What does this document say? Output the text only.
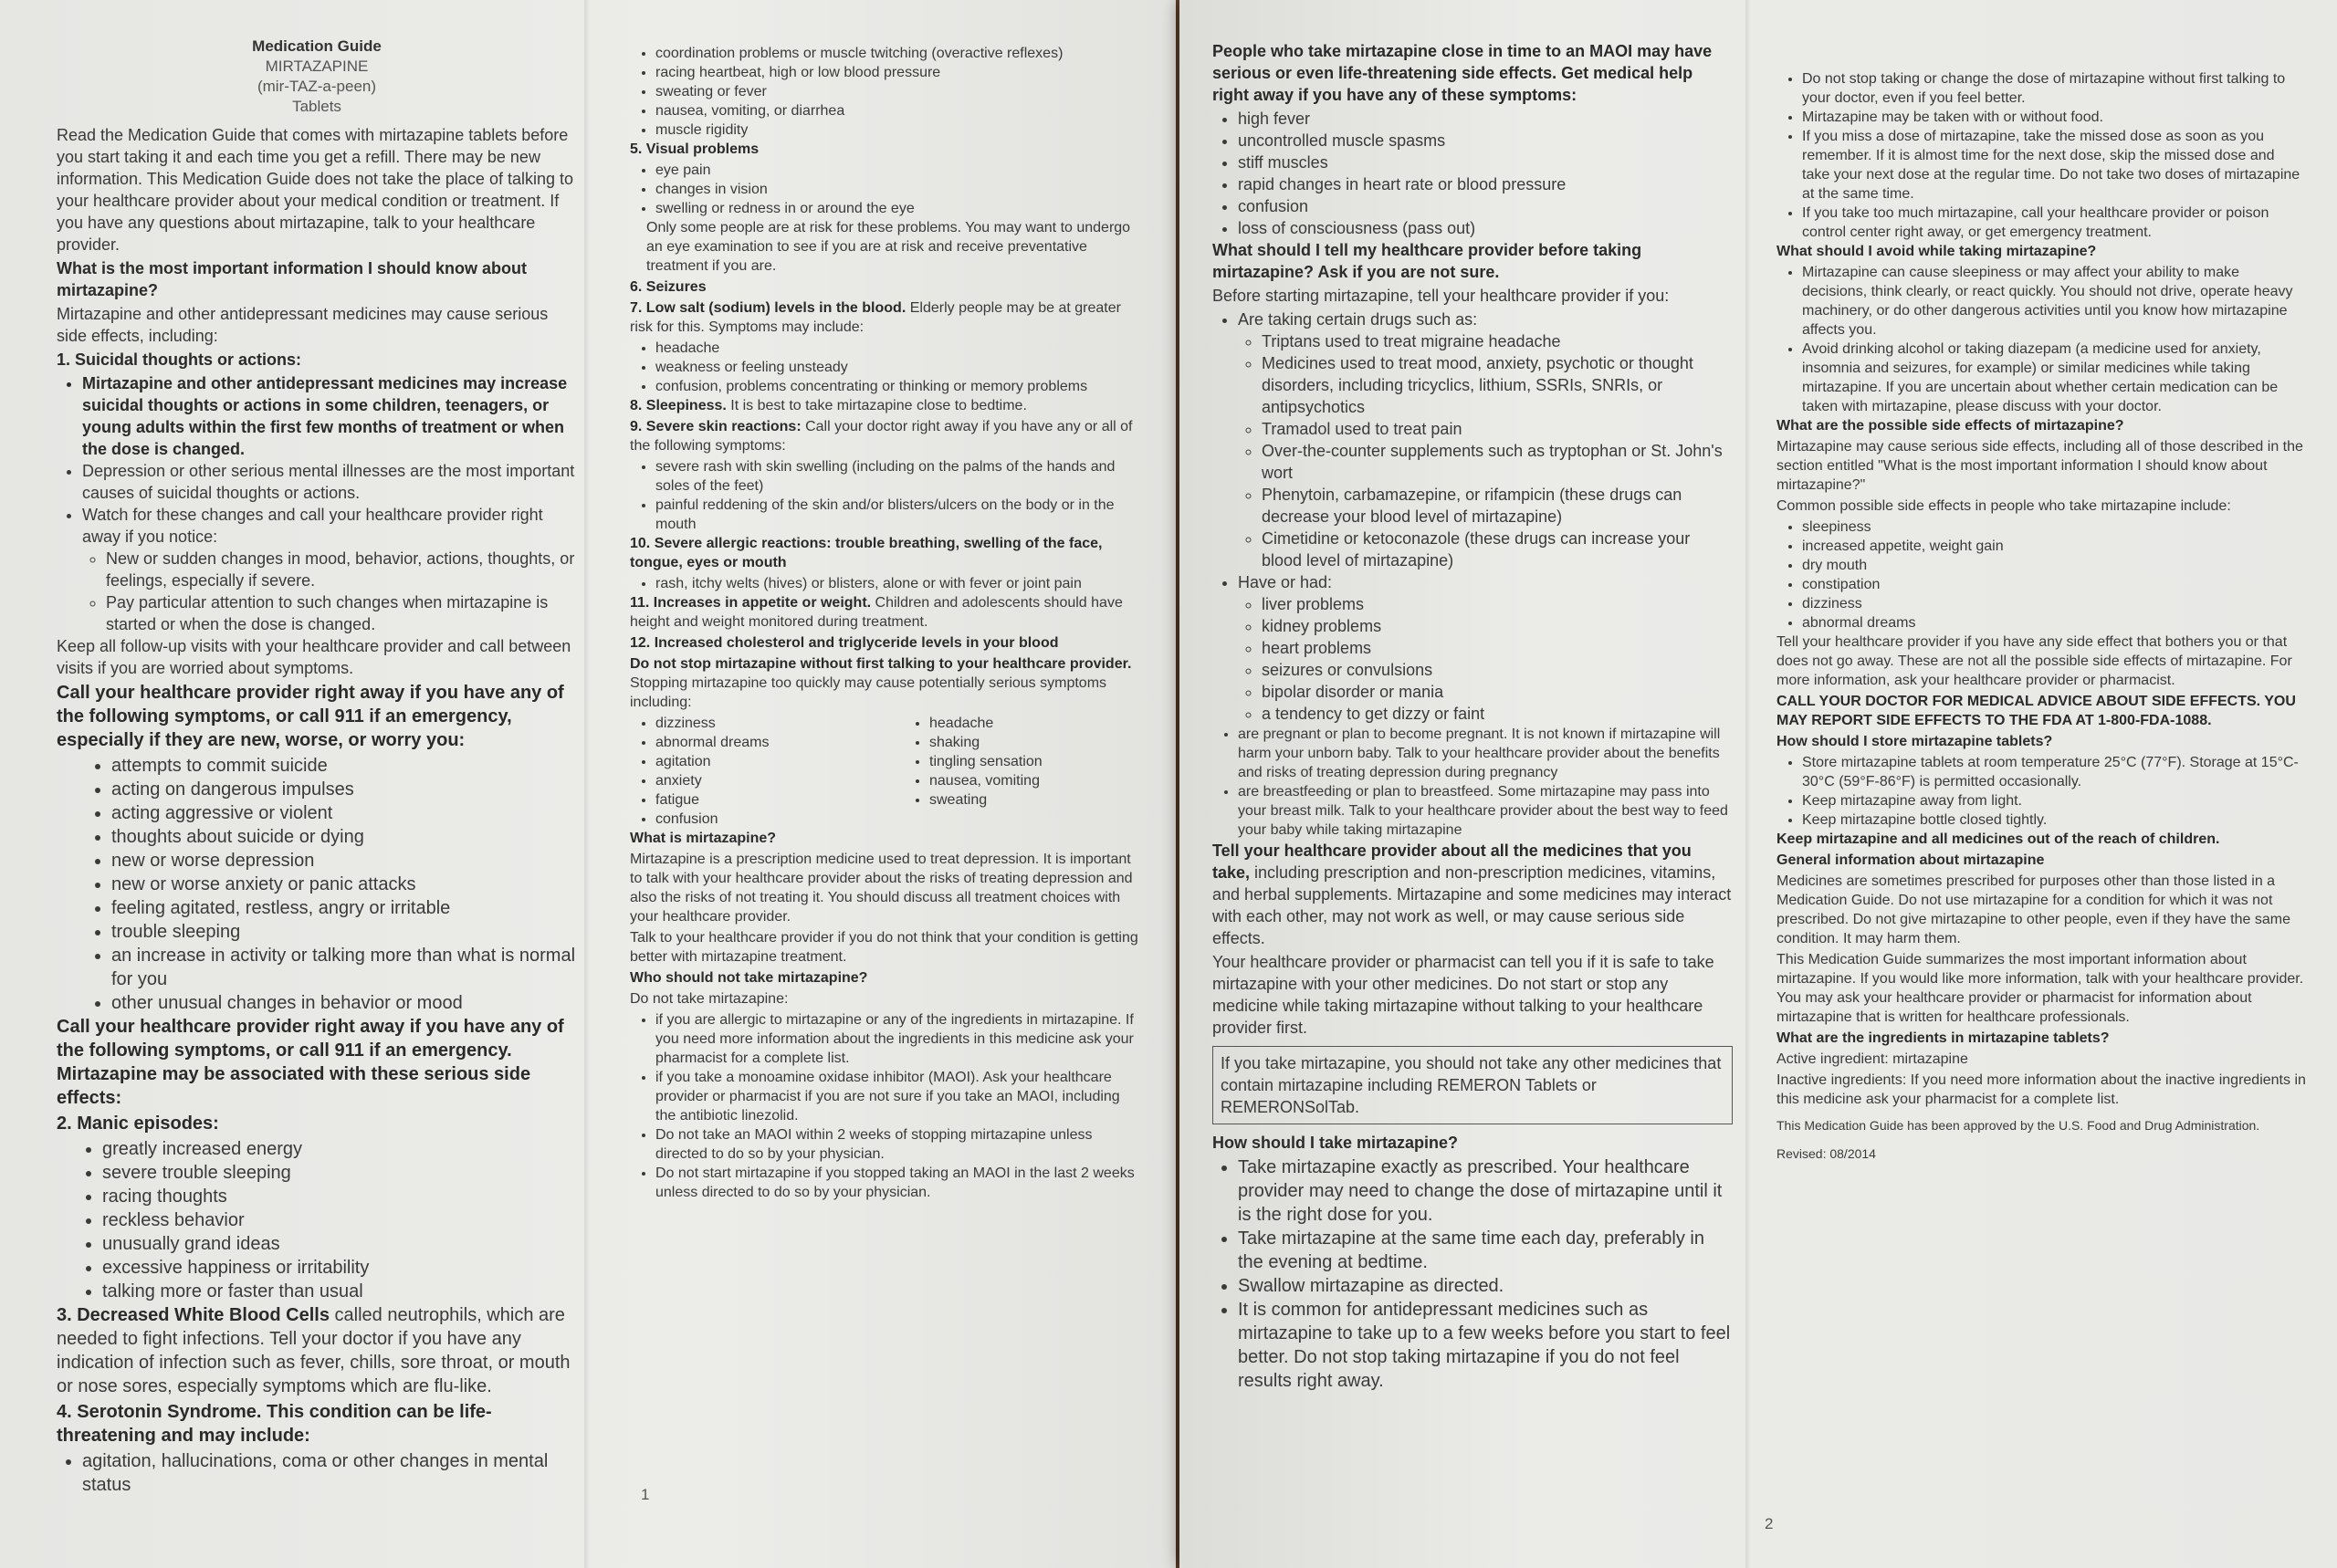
Medication Guide
MIRTAZAPINE
(mir-TAZ-a-peen)
Tablets

Read the Medication Guide that comes with mirtazapine tablets before you start taking it and each time you get a refill. There may be new information. This Medication Guide does not take the place of talking to your healthcare provider about your medical condition or treatment. If you have any questions about mirtazapine, talk to your healthcare provider.

What is the most important information I should know about mirtazapine?

Mirtazapine and other antidepressant medicines may cause serious side effects, including:

1. Suicidal thoughts or actions:

• Mirtazapine and other antidepressant medicines may increase suicidal thoughts or actions in some children, teenagers, or young adults within the first few months of treatment or when the dose is changed.
• Depression or other serious mental illnesses are the most important causes of suicidal thoughts or actions.
• Watch for these changes and call your healthcare provider right away if you notice:
◦ New or sudden changes in mood, behavior, actions, thoughts, or feelings, especially if severe.
◦ Pay particular attention to such changes when mirtazapine is started or when the dose is changed.

Keep all follow-up visits with your healthcare provider and call between visits if you are worried about symptoms.

Call your healthcare provider right away if you have any of the following symptoms, or call 911 if an emergency, especially if they are new, worse, or worry you:

• attempts to commit suicide
• acting on dangerous impulses
• acting aggressive or violent
• thoughts about suicide or dying
• new or worse depression
• new or worse anxiety or panic attacks
• feeling agitated, restless, angry or irritable
• trouble sleeping
• an increase in activity or talking more than what is normal for you
• other unusual changes in behavior or mood

Call your healthcare provider right away if you have any of the following symptoms, or call 911 if an emergency. Mirtazapine may be associated with these serious side effects:

2. Manic episodes:

• greatly increased energy
• severe trouble sleeping
• racing thoughts
• reckless behavior
• unusually grand ideas
• excessive happiness or irritability
• talking more or faster than usual

3. Decreased White Blood Cells called neutrophils, which are needed to fight infections. Tell your doctor if you have any indication of infection such as fever, chills, sore throat, or mouth or nose sores, especially symptoms which are flu-like.

4. Serotonin Syndrome. This condition can be life-threatening and may include:

• agitation, hallucinations, coma or other changes in mental status
• coordination problems or muscle twitching (overactive reflexes)
• racing heartbeat, high or low blood pressure
• sweating or fever
• nausea, vomiting, or diarrhea
• muscle rigidity

5. Visual problems

• eye pain
• changes in vision
• swelling or redness in or around the eye

Only some people are at risk for these problems. You may want to undergo an eye examination to see if you are at risk and receive preventative treatment if you are.

6. Seizures

7. Low salt (sodium) levels in the blood. Elderly people may be at greater risk for this. Symptoms may include:

• headache
• weakness or feeling unsteady
• confusion, problems concentrating or thinking or memory problems

8. Sleepiness. It is best to take mirtazapine close to bedtime.

9. Severe skin reactions: Call your doctor right away if you have any or all of the following symptoms:

• severe rash with skin swelling (including on the palms of the hands and soles of the feet)
• painful reddening of the skin and/or blisters/ulcers on the body or in the mouth

10. Severe allergic reactions: trouble breathing, swelling of the face, tongue, eyes or mouth

• rash, itchy welts (hives) or blisters, alone or with fever or joint pain

11. Increases in appetite or weight. Children and adolescents should have height and weight monitored during treatment.

12. Increased cholesterol and triglyceride levels in your blood

Do not stop mirtazapine without first talking to your healthcare provider. Stopping mirtazapine too quickly may cause potentially serious symptoms including:

• dizziness
• abnormal dreams
• agitation
• anxiety
• fatigue
• confusion
• headache
• shaking
• tingling sensation
• nausea, vomiting
• sweating

What is mirtazapine?

Mirtazapine is a prescription medicine used to treat depression. It is important to talk with your healthcare provider about the risks of treating depression and also the risks of not treating it. You should discuss all treatment choices with your healthcare provider.

Talk to your healthcare provider if you do not think that your condition is getting better with mirtazapine treatment.

Who should not take mirtazapine?

Do not take mirtazapine:

• if you are allergic to mirtazapine or any of the ingredients in mirtazapine. If you need more information about the ingredients in this medicine ask your pharmacist for a complete list.
• if you take a monoamine oxidase inhibitor (MAOI). Ask your healthcare provider or pharmacist if you are not sure if you take an MAOI, including the antibiotic linezolid.
• Do not take an MAOI within 2 weeks of stopping mirtazapine unless directed to do so by your physician.
• Do not start mirtazapine if you stopped taking an MAOI in the last 2 weeks unless directed to do so by your physician.
1

People who take mirtazapine close in time to an MAOI may have serious or even life-threatening side effects. Get medical help right away if you have any of these symptoms:

• high fever
• uncontrolled muscle spasms
• stiff muscles
• rapid changes in heart rate or blood pressure
• confusion
• loss of consciousness (pass out)

What should I tell my healthcare provider before taking mirtazapine? Ask if you are not sure.

Before starting mirtazapine, tell your healthcare provider if you:

• Are taking certain drugs such as:
◦ Triptans used to treat migraine headache
◦ Medicines used to treat mood, anxiety, psychotic or thought disorders, including tricyclics, lithium, SSRIs, SNRIs, or antipsychotics
◦ Tramadol used to treat pain
◦ Over-the-counter supplements such as tryptophan or St. John's wort
◦ Phenytoin, carbamazepine, or rifampicin (these drugs can decrease your blood level of mirtazapine)
◦ Cimetidine or ketoconazole (these drugs can increase your blood level of mirtazapine)
• Have or had:
◦ liver problems
◦ kidney problems
◦ heart problems
◦ seizures or convulsions
◦ bipolar disorder or mania
◦ a tendency to get dizzy or faint
• are pregnant or plan to become pregnant. It is not known if mirtazapine will harm your unborn baby. Talk to your healthcare provider about the benefits and risks of treating depression during pregnancy
• are breastfeeding or plan to breastfeed. Some mirtazapine may pass into your breast milk. Talk to your healthcare provider about the best way to feed your baby while taking mirtazapine

Tell your healthcare provider about all the medicines that you take, including prescription and non-prescription medicines, vitamins, and herbal supplements. Mirtazapine and some medicines may interact with each other, may not work as well, or may cause serious side effects.

Your healthcare provider or pharmacist can tell you if it is safe to take mirtazapine with your other medicines. Do not start or stop any medicine while taking mirtazapine without talking to your healthcare provider first.

If you take mirtazapine, you should not take any other medicines that contain mirtazapine including REMERON Tablets or REMERONSolTab.

How should I take mirtazapine?

• Take mirtazapine exactly as prescribed. Your healthcare provider may need to change the dose of mirtazapine until it is the right dose for you.
• Take mirtazapine at the same time each day, preferably in the evening at bedtime.
• Swallow mirtazapine as directed.
• It is common for antidepressant medicines such as mirtazapine to take up to a few weeks before you start to feel better. Do not stop taking mirtazapine if you do not feel results right away.
• Do not stop taking or change the dose of mirtazapine without first talking to your doctor, even if you feel better.
• Mirtazapine may be taken with or without food.
• If you miss a dose of mirtazapine, take the missed dose as soon as you remember. If it is almost time for the next dose, skip the missed dose and take your next dose at the regular time. Do not take two doses of mirtazapine at the same time.
• If you take too much mirtazapine, call your healthcare provider or poison control center right away, or get emergency treatment.

What should I avoid while taking mirtazapine?

• Mirtazapine can cause sleepiness or may affect your ability to make decisions, think clearly, or react quickly. You should not drive, operate heavy machinery, or do other dangerous activities until you know how mirtazapine affects you.
• Avoid drinking alcohol or taking diazepam (a medicine used for anxiety, insomnia and seizures, for example) or similar medicines while taking mirtazapine. If you are uncertain about whether certain medication can be taken with mirtazapine, please discuss with your doctor.

What are the possible side effects of mirtazapine?

Mirtazapine may cause serious side effects, including all of those described in the section entitled "What is the most important information I should know about mirtazapine?"

Common possible side effects in people who take mirtazapine include:

• sleepiness
• increased appetite, weight gain
• dry mouth
• constipation
• dizziness
• abnormal dreams

Tell your healthcare provider if you have any side effect that bothers you or that does not go away. These are not all the possible side effects of mirtazapine. For more information, ask your healthcare provider or pharmacist.

CALL YOUR DOCTOR FOR MEDICAL ADVICE ABOUT SIDE EFFECTS. YOU MAY REPORT SIDE EFFECTS TO THE FDA AT 1-800-FDA-1088.

How should I store mirtazapine tablets?

• Store mirtazapine tablets at room temperature 25°C (77°F). Storage at 15°C-30°C (59°F-86°F) is permitted occasionally.
• Keep mirtazapine away from light.
• Keep mirtazapine bottle closed tightly.

Keep mirtazapine and all medicines out of the reach of children.

General information about mirtazapine

Medicines are sometimes prescribed for purposes other than those listed in a Medication Guide. Do not use mirtazapine for a condition for which it was not prescribed. Do not give mirtazapine to other people, even if they have the same condition. It may harm them.

This Medication Guide summarizes the most important information about mirtazapine. If you would like more information, talk with your healthcare provider. You may ask your healthcare provider or pharmacist for information about mirtazapine that is written for healthcare professionals.

What are the ingredients in mirtazapine tablets?

Active ingredient: mirtazapine

Inactive ingredients: If you need more information about the inactive ingredients in this medicine ask your pharmacist for a complete list.

This Medication Guide has been approved by the U.S. Food and Drug Administration.

Revised: 08/2014

2
